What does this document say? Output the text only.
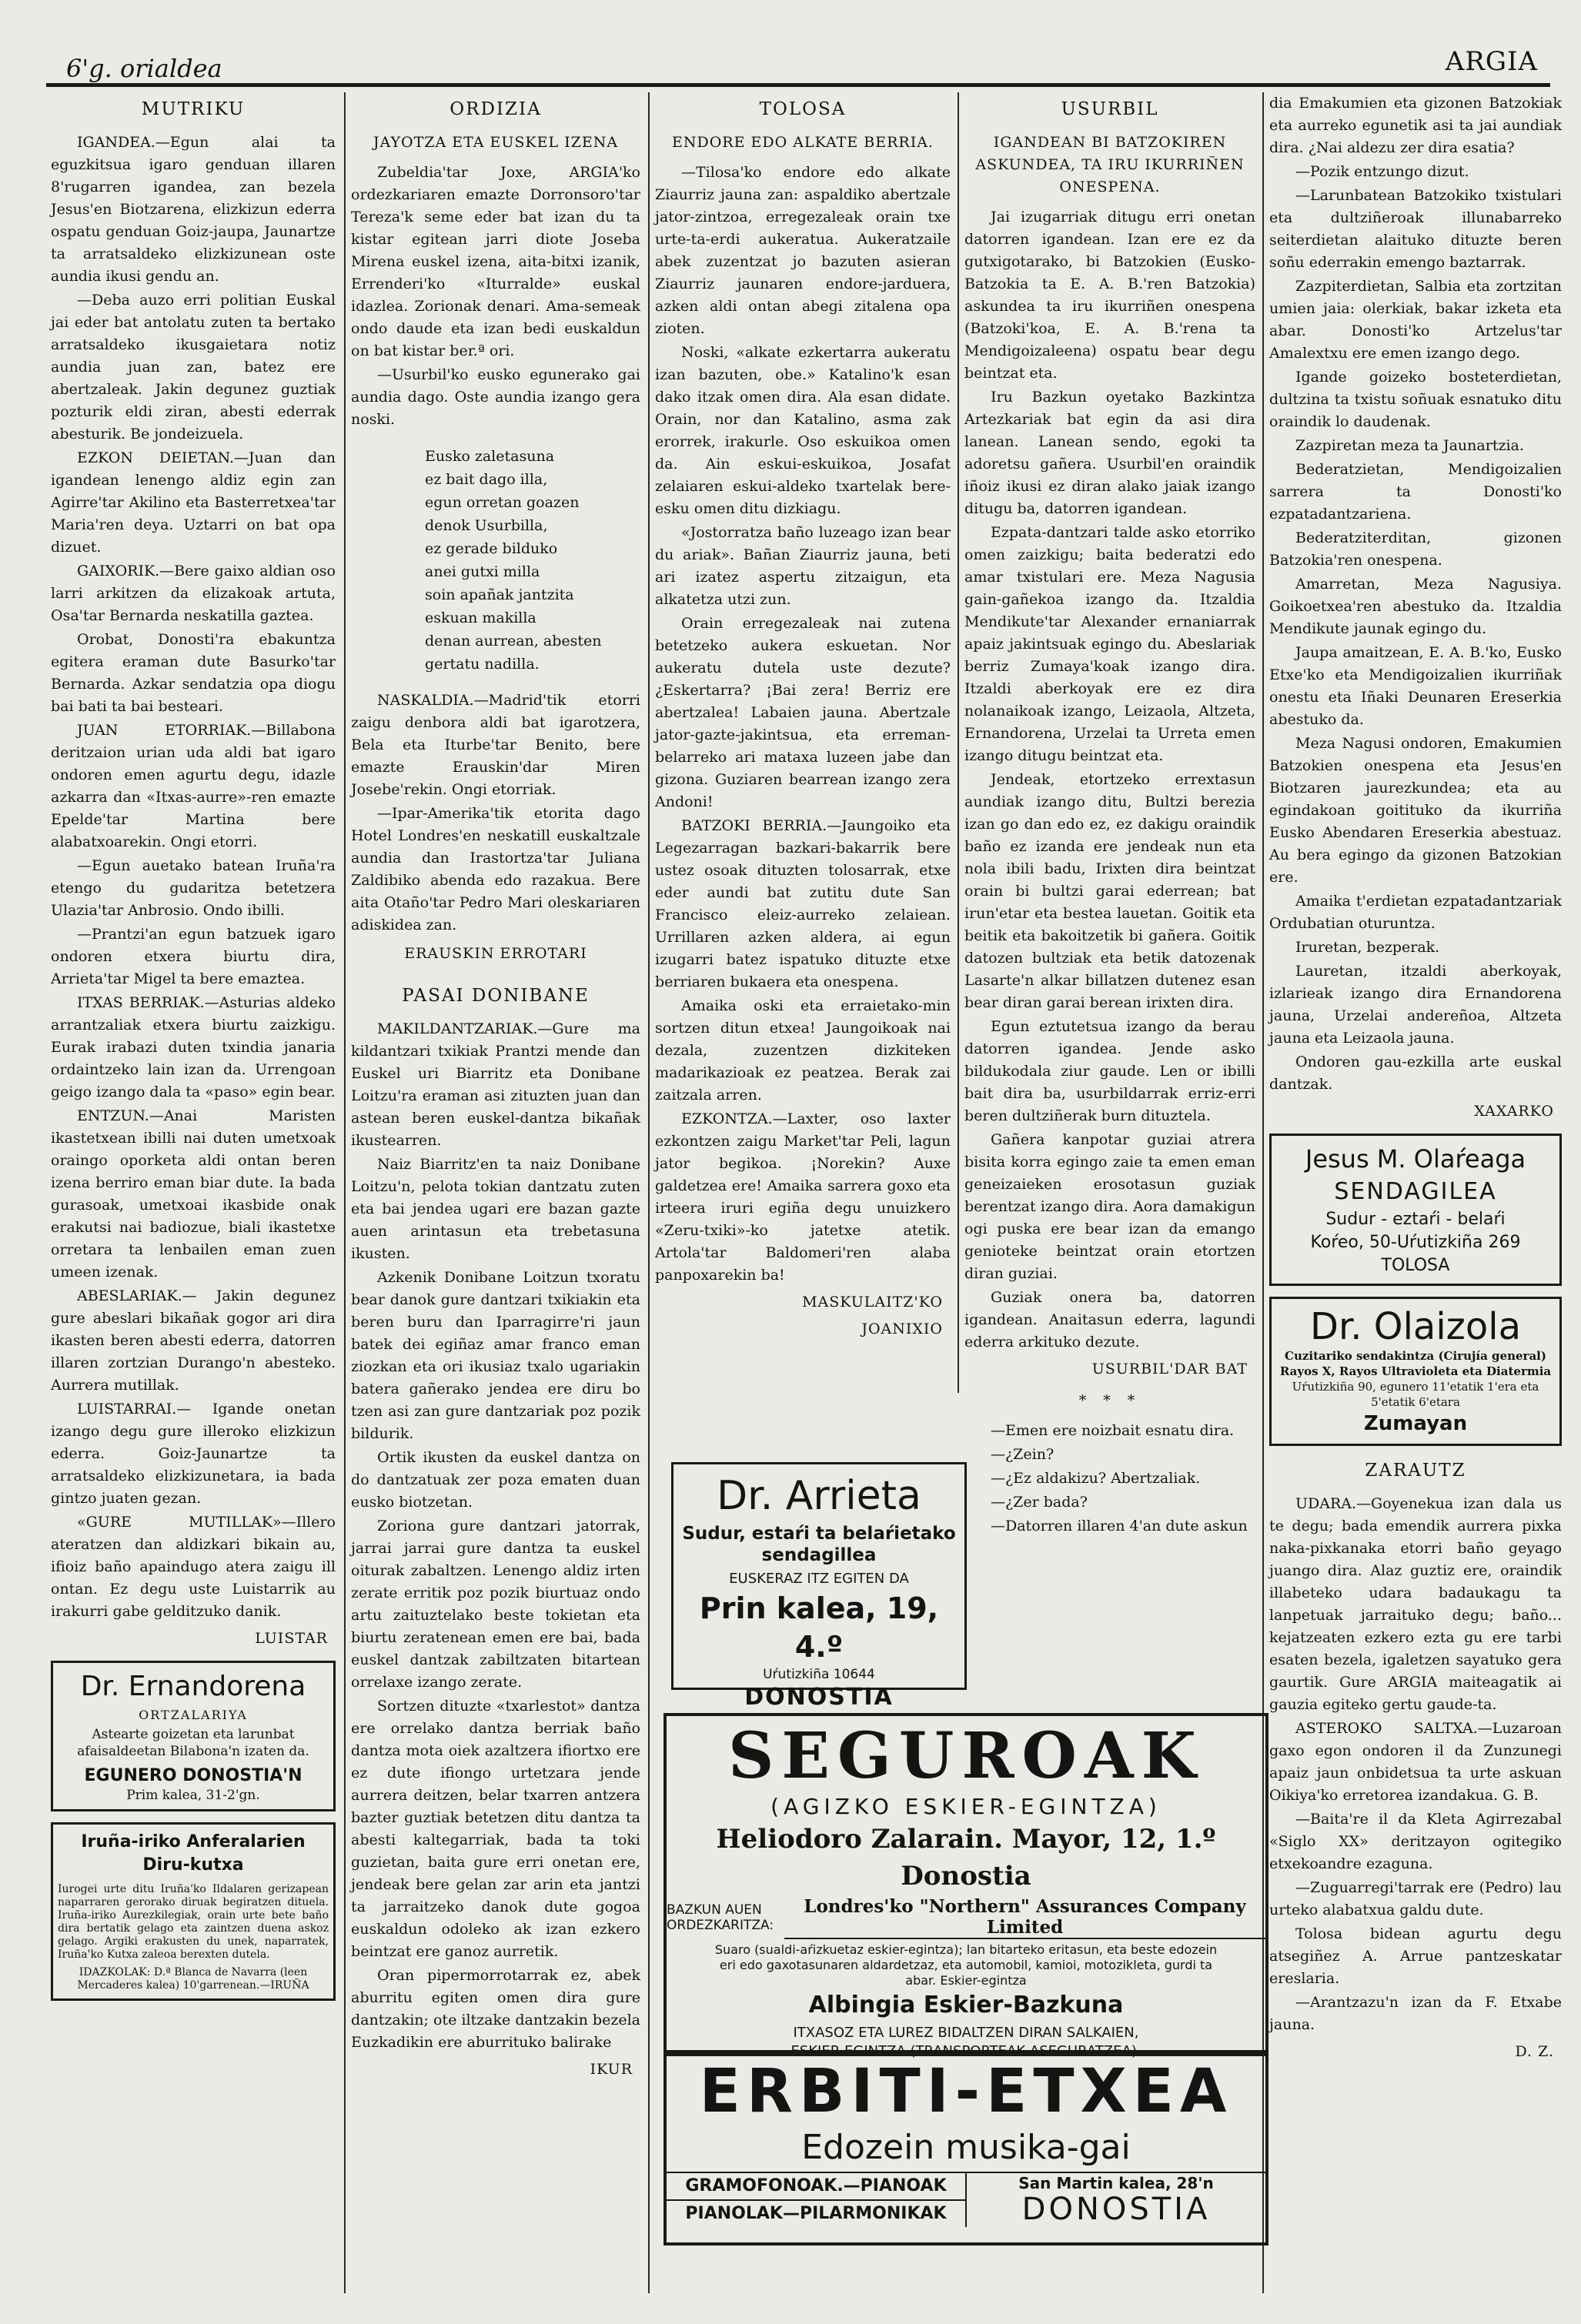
6'g. orialdea	ARGIA
MUTRIKU

IGANDEA.—Egun alai ta eguzkitsua igaro genduan illaren 8'rugarren igandea, zan bezela Jesus'en Biotzarena, elizkizun ederra ospatu genduan Goiz-jaupa, Jaunartze ta arratsaldeko elizkizunean oste aundia ikusi gendu an.

—Deba auzo erri politian Euskal jai eder bat antolatu zuten ta bertako arratsaldeko ikusgaietara notiz aundia juan zan, batez ere abertzaleak. Jakin degunez guztiak pozturik eldi ziran, abesti ederrak abesturik. Be jondeizuela.

EZKON DEIETAN.—Juan dan igandean lenengo aldiz egin zan Agirre'tar Akilino eta Basterretxea'tar Maria'ren deya. Uztarri on bat opa dizuet.

GAIXORIK.—Bere gaixo aldian oso larri arkitzen da elizakoak artuta, Osa'tar Bernarda neskatilla gaztea.

Orobat, Donosti'ra ebakuntza egitera eraman dute Basurko'tar Bernarda. Azkar sendatzia opa diogu bai bati ta bai besteari.

JUAN ETORRIAK.—Billabona deritzaion urian uda aldi bat igaro ondoren emen agurtu degu, idazle azkarra dan «Itxas-aurre»-ren emazte Epelde'tar Martina bere alabatxoarekin. Ongi etorri.

—Egun auetako batean Iruña'ra etengo du gudaritza betetzera Ulazia'tar Anbrosio. Ondo ibilli.

—Prantzi'an egun batzuek igaro ondoren etxera biurtu dira, Arrieta'tar Migel ta bere emaztea.

ITXAS BERRIAK.—Asturias aldeko arrantzaliak etxera biurtu zaizkigu. Eurak irabazi duten txindia janaria ordaintzeko lain izan da. Urrengoan geigo izango dala ta «paso» egin bear.

ENTZUN.—Anai Maristen ikastetxean ibilli nai duten umetxoak oraingo oporketa aldi ontan beren izena berriro eman biar dute. Ia bada gurasoak, umetxoai ikasbide onak erakutsi nai badiozue, biali ikastetxe orretara ta lenbailen eman zuen umeen izenak.

ABESLARIAK.— Jakin degunez gure abeslari bikañak gogor ari dira ikasten beren abesti ederra, datorren illaren zortzian Durango'n abesteko. Aurrera mutillak.

LUISTARRAI.— Igande onetan izango degu gure illeroko elizkizun ederra. Goiz-Jaunartze ta arratsaldeko elizkizunetara, ia bada gintzo juaten gezan.

«GURE MUTILLAK»—Illero ateratzen dan aldizkari bikain au, ifioiz baño apaindugo atera zaigu ill ontan. Ez degu uste Luistarrik au irakurri gabe gelditzuko danik.

LUISTAR
Dr. Ernandorena
ORTZALARIYA
Astearte goizetan eta larunbat afaisaldeetan Bilabona'n izaten da.
EGUNERO DONOSTIA'N
Prim kalea, 31-2'gn.
Iruña-iriko Anferalarien
Diru-kutxa
Iurogei urte ditu Iruña'ko Ildalaren gerizapean naparraren gerorako diruak begiratzen dituela. Iruña-iriko Aurezkilegiak, orain urte bete baño dira bertatik gelago eta zaintzen duena askoz gelago. Argiki erakusten du unek, naparratek, Iruña'ko Kutxa zaleoa berexten dutela.
IDAZKOLAK: D.ª Blanca de Navarra (leen Mercaderes kalea) 10'garrenean.—IRUÑA
ORDIZIA
JAYOTZA ETA EUSKEL IZENA

Zubeldia'tar Joxe, ARGIA'ko ordezkariaren emazte Dorronsoro'tar Tereza'k seme eder bat izan du ta kistar egitean jarri diote Joseba Mirena euskel izena, aita-bitxi izanik, Errenderi'ko «Iturralde» euskal idazlea. Zorionak denari. Ama-semeak ondo daude eta izan bedi euskaldun on bat kistar ber.ª ori.

—Usurbil'ko eusko egunerako gai aundia dago. Oste aundia izango gera noski.

Eusko zaletasuna
ez bait dago illa,
egun orretan goazen
denok Usurbilla,
ez gerade bilduko
anei gutxi milla
soin apañak jantzita
eskuan makilla
denan aurrean, abesten
gertatu nadilla.

NASKALDIA.—Madrid'tik etorri zaigu denbora aldi bat igarotzera, Bela eta Iturbe'tar Benito, bere emazte Erauskin'dar Miren Josebe'rekin. Ongi etorriak.

—Ipar-Amerika'tik etorita dago Hotel Londres'en neskatill euskaltzale aundia dan Irastortza'tar Juliana Zaldibiko abenda edo razakua. Bere aita Otaño'tar Pedro Mari oleskariaren adiskidea zan.

ERAUSKIN ERROTARI
PASAI DONIBANE

MAKILDANTZARIAK.—Gure ma kildantzari txikiak Prantzi mende dan Euskel uri Biarritz eta Donibane Loitzu'ra eraman asi zituzten juan dan astean beren euskel-dantza bikañak ikustearren.

Naiz Biarritz'en ta naiz Donibane Loitzu'n, pelota tokian dantzatu zuten eta bai jendea ugari ere bazan gazte auen arintasun eta trebetasuna ikusten.

Azkenik Donibane Loitzun txoratu bear danok gure dantzari txikiakin eta beren buru dan Iparragirre'ri jaun batek dei egiñaz amar franco eman ziozkan eta ori ikusiaz txalo ugariakin batera gañerako jendea ere diru bo tzen asi zan gure dantzariak poz pozik bildurik.

Ortik ikusten da euskel dantza on do dantzatuak zer poza ematen duan eusko biotzetan.

Zoriona gure dantzari jatorrak, jarrai jarrai gure dantza ta euskel oiturak zabaltzen. Lenengo aldiz irten zerate erritik poz pozik biurtuaz ondo artu zaituztelako beste tokietan eta biurtu zeratenean emen ere bai, bada euskel dantzak zabiltzaten bitartean orrelaxe izango zerate.

Sortzen dituzte «txarlestot» dantza ere orrelako dantza berriak baño dantza mota oiek azaltzera ifiortxo ere ez dute ifiongo urtetzara jende aurrera deitzen, belar txarren antzera bazter guztiak betetzen ditu dantza ta abesti kaltegarriak, bada ta toki guzietan, baita gure erri onetan ere, jendeak bere gelan zar arin eta jantzi ta jarraitzeko danok dute gogoa euskaldun odoleko ak izan ezkero beintzat ere ganoz aurretik.

Oran pipermorrotarrak ez, abek aburritu egiten omen dira gure dantzakin; ote iltzake dantzakin bezela Euzkadikin ere aburrituko balirake

IKUR
TOLOSA
ENDORE EDO ALKATE BERRIA.

—Tilosa'ko endore edo alkate Ziaurriz jauna zan: aspaldiko abertzale jator-zintzoa, erregezaleak orain txe urte-ta-erdi aukeratua. Aukeratzaile abek zuzentzat jo bazuten asieran Ziaurriz jaunaren endore-jarduera, azken aldi ontan abegi zitalena opa zioten.

Noski, «alkate ezkertarra aukeratu izan bazuten, obe.» Katalino'k esan dako itzak omen dira. Ala esan didate. Orain, nor dan Katalino, asma zak erorrek, irakurle. Oso eskuikoa omen da. Ain eskui-eskuikoa, Josafat zelaiaren eskui-aldeko txartelak bere-esku omen ditu dizkiagu.

«Jostorratza baño luzeago izan bear du ariak». Bañan Ziaurriz jauna, beti ari izatez aspertu zitzaigun, eta alkatetza utzi zun.

Orain erregezaleak nai zutena betetzeko aukera eskuetan. Nor aukeratu dutela uste dezute? ¿Eskertarra? ¡Bai zera! Berriz ere abertzalea! Labaien jauna. Abertzale jator-gazte-jakintsua, eta erreman-belarreko ari mataxa luzeen jabe dan gizona. Guziaren bearrean izango zera Andoni!

BATZOKI BERRIA.—Jaungoiko eta Legezarragan bazkari-bakarrik bere ustez osoak dituzten tolosarrak, etxe eder aundi bat zutitu dute San Francisco eleiz-aurreko zelaiean. Urrillaren azken aldera, ai egun izugarri batez ispatuko dituzte etxe berriaren bukaera eta onespena.

Amaika oski eta erraietako-min sortzen ditun etxea! Jaungoikoak nai dezala, zuzentzen dizkiteken madarikazioak ez peatzea. Berak zai zaitzala arren.

EZKONTZA.—Laxter, oso laxter ezkontzen zaigu Market'tar Peli, lagun jator begikoa. ¡Norekin? Auxe galdetzea ere! Amaika sarrera goxo eta irteera iruri egiña degu unuizkero «Zeru-txiki»-ko jatetxe atetik. Artola'tar Baldomeri'ren alaba panpoxarekin ba!

MASKULAITZ'KO
JOANIXIO
USURBIL
IGANDEAN BI BATZOKIREN ASKUNDEA, TA IRU IKURRIÑEN ONESPENA.

Jai izugarriak ditugu erri onetan datorren igandean. Izan ere ez da gutxigotarako, bi Batzokien (Eusko-Batzokia ta E. A. B.'ren Batzokia) askundea ta iru ikurriñen onespena (Batzoki'koa, E. A. B.'rena ta Mendigoizaleena) ospatu bear degu beintzat eta.

Iru Bazkun oyetako Bazkintza Artezkariak bat egin da asi dira lanean. Lanean sendo, egoki ta adoretsu gañera. Usurbil'en oraindik iñoiz ikusi ez diran alako jaiak izango ditugu ba, datorren igandean.

Ezpata-dantzari talde asko etorriko omen zaizkigu; baita bederatzi edo amar txistulari ere. Meza Nagusia gain-gañekoa izango da. Itzaldia Mendikute'tar Alexander ernaniarrak apaiz jakintsuak egingo du. Abeslariak berriz Zumaya'koak izango dira. Itzaldi aberkoyak ere ez dira nolanaikoak izango, Leizaola, Altzeta, Ernandorena, Urzelai ta Urreta emen izango ditugu beintzat eta.

Jendeak, etortzeko errextasun aundiak izango ditu, Bultzi berezia izan go dan edo ez, ez dakigu oraindik baño ez izanda ere jendeak nun eta nola ibili badu, Irixten dira beintzat orain bi bultzi garai ederrean; bat irun'etar eta bestea lauetan. Goitik eta beitik eta bakoitzetik bi gañera. Goitik datozen bultziak eta betik datozenak Lasarte'n alkar billatzen dutenez esan bear diran garai berean irixten dira.

Egun eztutetsua izango da berau datorren igandea. Jende asko bildukodala ziur gaude. Len or ibilli bait dira ba, usurbildarrak erriz-erri beren dultziñerak burn dituztela.

Gañera kanpotar guziai atrera bisita korra egingo zaie ta emen eman geneizaieken erosotasun guziak berentzat izango dira. Aora damakigun ogi puska ere bear izan da emango genioteke beintzat orain etortzen diran guziai.

Guziak onera ba, datorren igandean. Anaitasun ederra, lagundi ederra arkituko dezute.

USURBIL'DAR BAT
* * *

—Emen ere noizbait esnatu dira.

—¿Zein?

—¿Ez aldakizu? Abertzaliak.

—¿Zer bada?

—Datorren illaren 4'an dute askun

dia Emakumien eta gizonen Batzokiak eta aurreko egunetik asi ta jai aundiak dira. ¿Nai aldezu zer dira esatia?

—Pozik entzungo dizut.

—Larunbatean Batzokiko txistulari eta dultziñeroak illunabarreko seiterdietan alaituko dituzte beren soñu ederrakin emengo baztarrak.

Zazpiterdietan, Salbia eta zortzitan umien jaia: olerkiak, bakar izketa eta abar. Donosti'ko Artzelus'tar Amalextxu ere emen izango dego.

Igande goizeko bosteterdietan, dultzina ta txistu soñuak esnatuko ditu oraindik lo daudenak.

Zazpiretan meza ta Jaunartzia.

Bederatzietan, Mendigoizalien sarrera ta Donosti'ko ezpatadantzariena.

Bederatziterditan, gizonen Batzokia'ren onespena.

Amarretan, Meza Nagusiya. Goikoetxea'ren abestuko da. Itzaldia Mendikute jaunak egingo du.

Jaupa amaitzean, E. A. B.'ko, Eusko Etxe'ko eta Mendigoizalien ikurriñak onestu eta Iñaki Deunaren Ereserkia abestuko da.

Meza Nagusi ondoren, Emakumien Batzokien onespena eta Jesus'en Biotzaren jaurezkundea; eta au egindakoan goitituko da ikurriña Eusko Abendaren Ereserkia abestuaz. Au bera egingo da gizonen Batzokian ere.

Amaika t'erdietan ezpatadantzariak Ordubatian oturuntza.

Iruretan, bezperak.

Lauretan, itzaldi aberkoyak, izlarieak izango dira Ernandorena jauna, Urzelai andereñoa, Altzeta jauna eta Leizaola jauna.

Ondoren gau-ezkilla arte euskal dantzak.

XAXARKO
Jesus M. Olaŕeaga
SENDAGILEA
Sudur - eztaŕi - belaŕi
Koŕeo, 50-Uŕutizkiña 269
TOLOSA
Dr. Olaizola
Cuzitariko sendakintza (Cirujía general)
Rayos X, Rayos Ultravioleta eta Diatermia
Uŕutizkiña 90, egunero 11'etatik 1'era eta 5'etatik 6'etara
Zumayan
ZARAUTZ

UDARA.—Goyenekua izan dala us te degu; bada emendik aurrera pixka naka-pixkanaka etorri baño geyago juango dira. Alaz guztiz ere, oraindik illabeteko udara badaukagu ta lanpetuak jarraituko degu; baño... kejatzeaten ezkero ezta gu ere tarbi esaten bezela, igaletzen sayatuko gera gaurtik. Gure ARGIA maiteagatik ai gauzia egiteko gertu gaude-ta.

ASTEROKO SALTXA.—Luzaroan gaxo egon ondoren il da Zunzunegi apaiz jaun onbidetsua ta urte askuan Oikiya'ko erretorea izandakua. G. B.

—Baita're il da Kleta Agirrezabal «Siglo XX» deritzayon ogitegiko etxekoandre ezaguna.

—Zuguarregi'tarrak ere (Pedro) lau urteko alabatxua galdu dute.

Tolosa bidean agurtu degu atsegiñez A. Arrue pantzeskatar ereslaria.

—Arantzazu'n izan da F. Etxabe jauna.

D. Z.
Dr. Arrieta
Sudur, estaŕi ta belaŕietako sendagillea
EUSKERAZ ITZ EGITEN DA
Prin kalea, 19, 4.º
Uŕutizkiña 10644
DONOSTIA
SEGUROAK
(AGIZKO ESKIER-EGINTZA)
Heliodoro Zalarain. Mayor, 12, 1.º Donostia
BAZKUN AUEN ORDEZKARITZA:
Londres'ko "Northern" Assurances Company Limited
Suaro (sualdi-aŕizkuetaz eskier-egintza); lan bitarteko eritasun, eta beste edozein eri edo gaxotasunaren aldardetzaz, eta automobil, kamioi, motozikleta, gurdi ta abar. Eskier-egintza
Albingia Eskier-Bazkuna
ITXASOZ ETA LUREZ BIDALTZEN DIRAN SALKAIEN,
ESKIER-EGINTZA (TRANSPORTEAK ASEGURATZEA).
ERBITI-ETXEA
Edozein musika-gai
GRAMOFONOAK.—PIANOAK
PIANOLAK—PILARMONIKAK
San Martin kalea, 28'n
DONOSTIA
